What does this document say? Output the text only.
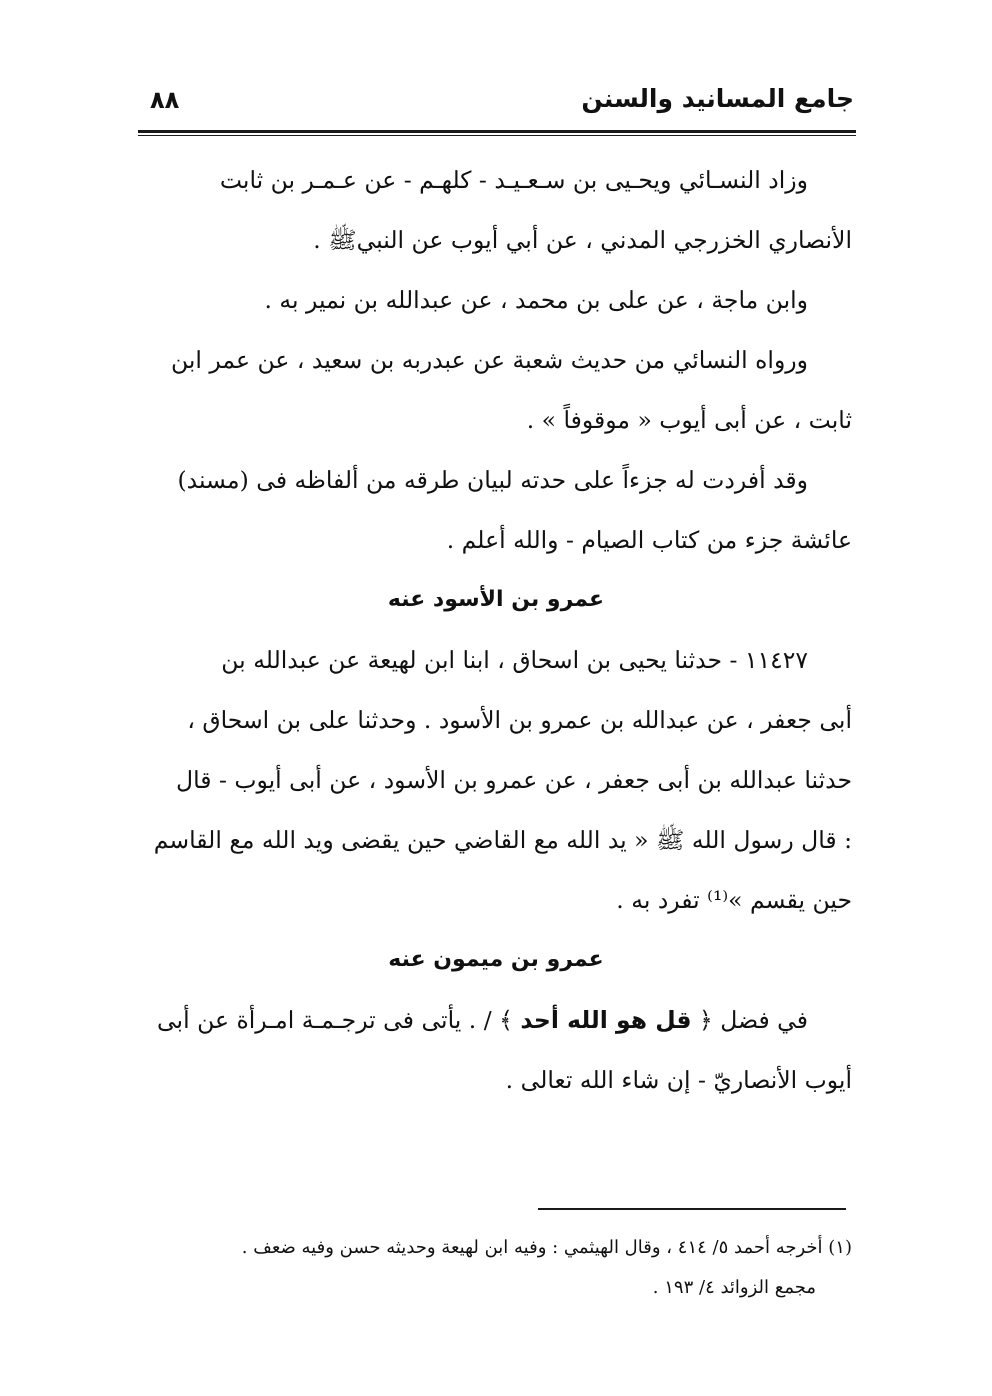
جامع المسانيد والسنن
٨٨
وزاد النسـائي ويحـيى بن سـعـيـد - كلهـم - عن عـمـر بن ثابت
الأنصاري الخزرجي المدني ، عن أبي أيوب عن النبيﷺ .
وابن ماجة ، عن على بن محمد ، عن عبدالله بن نمير به .
ورواه النسائي من حديث شعبة عن عبدربه بن سعيد ، عن عمر ابن
ثابت ، عن أبى أيوب « موقوفاً » .
وقد أفردت له جزءاً على حدته لبيان طرقه من ألفاظه فى (مسند)
عائشة جزء من كتاب الصيام - والله أعلم .
عمرو بن الأسود عنه
١١٤٢٧ - حدثنا يحيى بن اسحاق ، ابنا ابن لهيعة عن عبدالله بن
أبى جعفر ، عن عبدالله بن عمرو بن الأسود . وحدثنا على بن اسحاق ،
حدثنا عبدالله بن أبى جعفر ، عن عمرو بن الأسود ، عن أبى أيوب - قال
: قال رسول الله ﷺ « يد الله مع القاضي حين يقضى ويد الله مع القاسم
حين يقسم »⁽¹⁾ تفرد به .
عمرو بن ميمون عنه
في فضل ﴿ قل هو الله أحد ﴾ / . يأتى فى ترجـمـة امـرأة عن أبى
أيوب الأنصاريّ - إن شاء الله تعالى .
(١) أخرجه أحمد ٥/ ٤١٤ ، وقال الهيثمي : وفيه ابن لهيعة وحديثه حسن وفيه ضعف .
مجمع الزوائد ٤/ ١٩٣ .
